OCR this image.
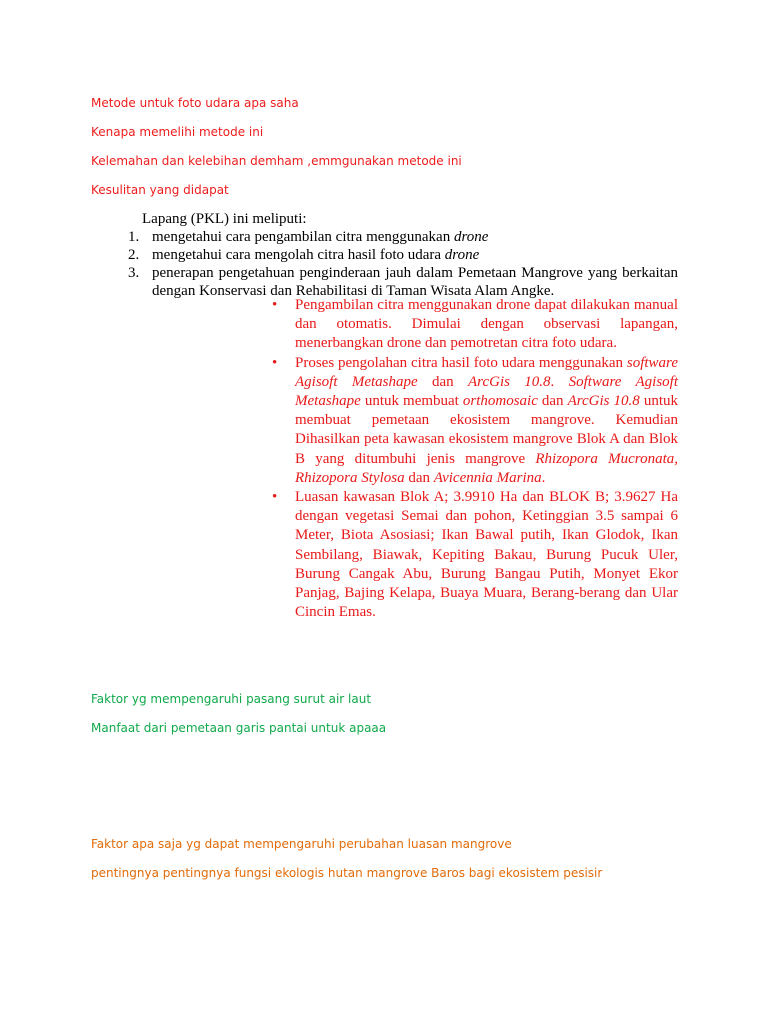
Metode untuk foto udara apa saha
Kenapa memelihi metode ini
Kelemahan dan kelebihan demham ,emmgunakan metode ini
Kesulitan yang didapat
Lapang (PKL) ini meliputi:
1. mengetahui cara pengambilan citra menggunakan drone
2. mengetahui cara mengolah citra hasil foto udara drone
3. penerapan pengetahuan penginderaan jauh dalam Pemetaan Mangrove yang berkaitan dengan Konservasi dan Rehabilitasi di Taman Wisata Alam Angke.
• Pengambilan citra menggunakan drone dapat dilakukan manual dan otomatis. Dimulai dengan observasi lapangan, menerbangkan drone dan pemotretan citra foto udara.
• Proses pengolahan citra hasil foto udara menggunakan software Agisoft Metashape dan ArcGis 10.8. Software Agisoft Metashape untuk membuat orthomosaic dan ArcGis 10.8 untuk membuat pemetaan ekosistem mangrove. Kemudian Dihasilkan peta kawasan ekosistem mangrove Blok A dan Blok B yang ditumbuhi jenis mangrove Rhizopora Mucronata, Rhizopora Stylosa dan Avicennia Marina.
• Luasan kawasan Blok A; 3.9910 Ha dan BLOK B; 3.9627 Ha dengan vegetasi Semai dan pohon, Ketinggian 3.5 sampai 6 Meter, Biota Asosiasi; Ikan Bawal putih, Ikan Glodok, Ikan Sembilang, Biawak, Kepiting Bakau, Burung Pucuk Uler, Burung Cangak Abu, Burung Bangau Putih, Monyet Ekor Panjag, Bajing Kelapa, Buaya Muara, Berang-berang dan Ular Cincin Emas.
Faktor yg mempengaruhi pasang surut air laut
Manfaat dari pemetaan garis pantai untuk apaaa
Faktor apa saja yg dapat mempengaruhi perubahan luasan mangrove
pentingnya pentingnya fungsi ekologis hutan mangrove Baros bagi ekosistem pesisir
